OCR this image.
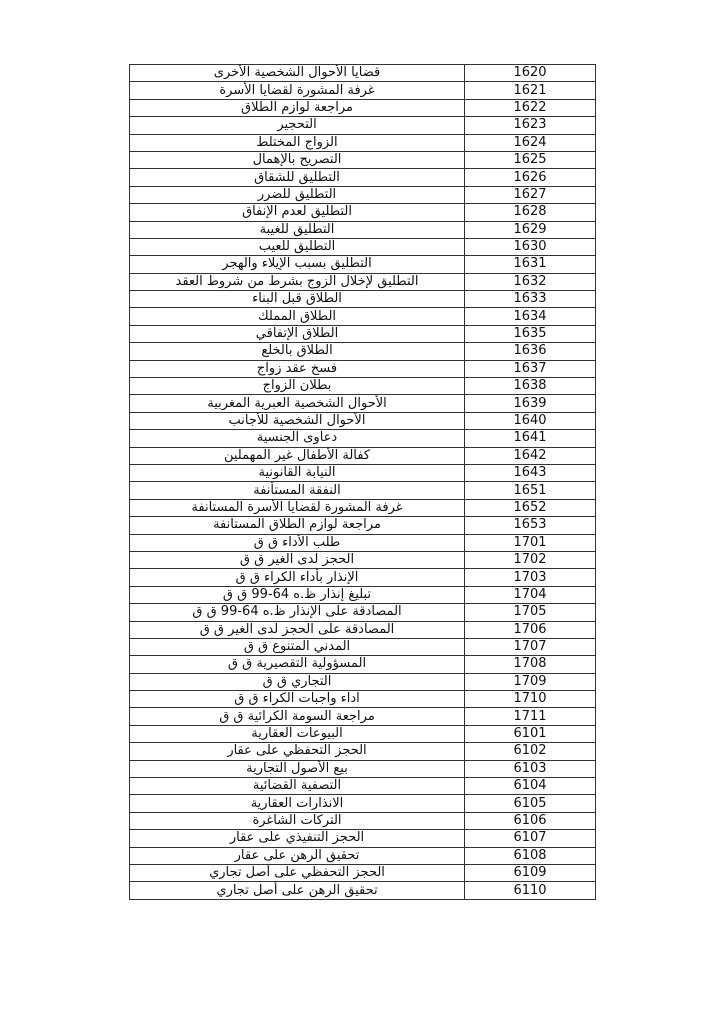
قضايا الأحوال الشخصية الأخرى	1620
غرفة المشورة لقضايا الأسرة	1621
مراجعة لوازم الطلاق	1622
التحجير	1623
الزواج المختلط	1624
التصريح بالإهمال	1625
التطليق للشقاق	1626
التطليق للضرر	1627
التطليق لعدم الإنفاق	1628
التطليق للغيبة	1629
التطليق للعيب	1630
التطليق بسبب الإيلاء والهجر	1631
التطليق لإخلال الزوج بشرط من شروط العقد	1632
الطلاق قبل البناء	1633
الطلاق المملك	1634
الطلاق الإتفاقي	1635
الطلاق بالخلع	1636
فسخ عقد زواج	1637
بطلان الزواج	1638
الأحوال الشخصية العبرية المغربية	1639
الأحوال الشخصية للأجانب	1640
دعاوى الجنسية	1641
كفالة الأطفال غير المهملين	1642
النيابة القانونية	1643
النفقة المستأنفة	1651
غرفة المشورة لقضايا الأسرة المستأنفة	1652
مراجعة لوازم الطلاق المستأنفة	1653
طلب الأداء ق ق	1701
الحجز لدى الغير ق ق	1702
الإنذار بأداء الكراء ق ق	1703
تبليغ إنذار ظ.ه 64-99 ق ق	1704
المصادقة على الإنذار ظ.ه 64-99 ق ق	1705
المصادقة على الحجز لدى الغير ق ق	1706
المدني المتنوع ق ق	1707
المسؤولية التقصيرية ق ق	1708
التجاري ق ق	1709
اداء واجبات الكراء ق ق	1710
مراجعة السومة الكرائية ق ق	1711
البيوعات العقارية	6101
الحجز التحفظي على عقار	6102
بيع الأصول التجارية	6103
التصفية القضائية	6104
الانذارات العقارية	6105
التركات الشاغرة	6106
الحجز التنفيذي على عقار	6107
تحقيق الرهن على عقار	6108
الحجز التحفظي على أصل تجاري	6109
تحقيق الرهن على أصل تجاري	6110
